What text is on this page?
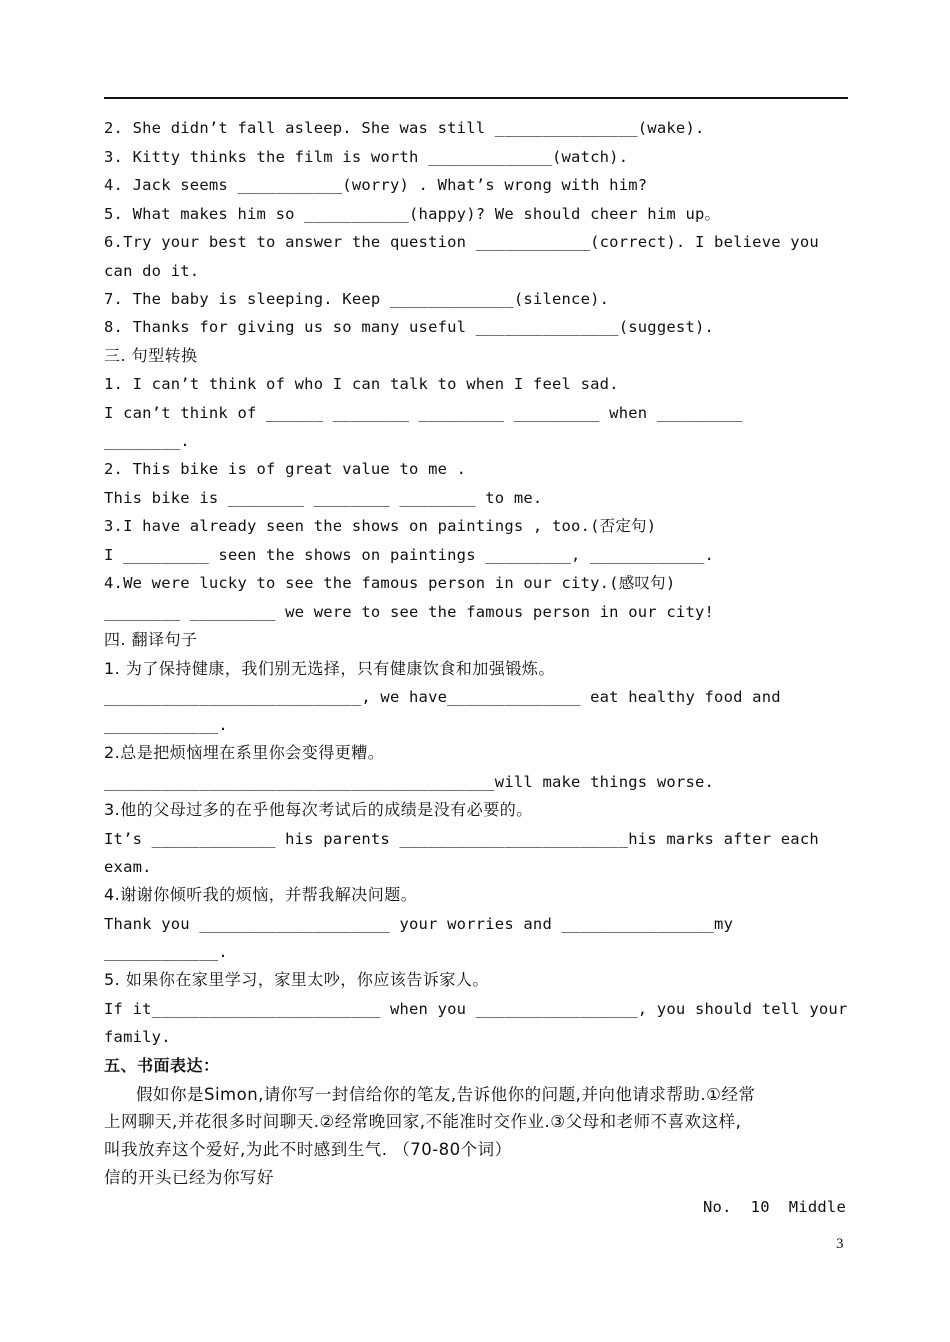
2. She didn’t fall asleep. She was still _______________(wake).
3. Kitty thinks the film is worth _____________(watch).
4. Jack seems ___________(worry) . What’s wrong with him?
5. What makes him so ___________(happy)? We should cheer him up。
6.Try your best to answer the question ____________(correct). I believe you
can do it.
7. The baby is sleeping. Keep _____________(silence).
8. Thanks for giving us so many useful _______________(suggest).
三. 句型转换
1. I can’t think of who I can talk to when I feel sad.
I can’t think of ______ ________ _________ _________ when _________
________.
2. This bike is of great value to me .
This bike is ________ ________ ________ to me.
3.I have already seen the shows on paintings , too.(否定句)
I _________ seen the shows on paintings _________, ____________.
4.We were lucky to see the famous person in our city.(感叹句)
________ _________ we were to see the famous person in our city!
四. 翻译句子
1. 为了保持健康，我们别无选择，只有健康饮食和加强锻炼。
___________________________, we have______________ eat healthy food and
____________.
2.总是把烦恼埋在系里你会变得更糟。
_________________________________________will make things worse.
3.他的父母过多的在乎他每次考试后的成绩是没有必要的。
It’s _____________ his parents ________________________his marks after each
exam.
4.谢谢你倾听我的烦恼，并帮我解决问题。
Thank you ____________________ your worries and ________________my
____________.
5. 如果你在家里学习，家里太吵，你应该告诉家人。
If it________________________ when you _________________, you should tell your
family.
五、书面表达：
假如你是Simon,请你写一封信给你的笔友,告诉他你的问题,并向他请求帮助.①经常
上网聊天,并花很多时间聊天.②经常晚回家,不能准时交作业.③父母和老师不喜欢这样,
叫我放弃这个爱好,为此不时感到生气. （70-80个词）
信的开头已经为你写好
No.  10  Middle
3
